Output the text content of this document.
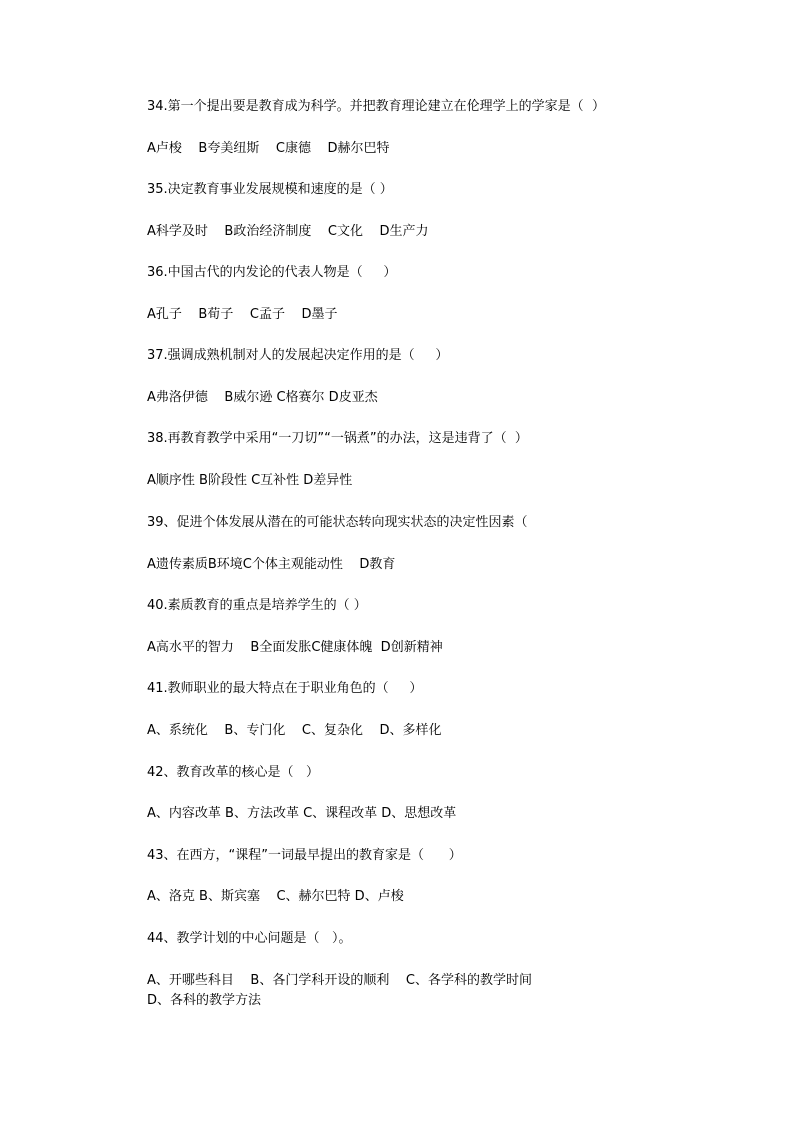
34.第一个提出要是教育成为科学。并把教育理论建立在伦理学上的学家是（  ）
A卢梭    B夸美纽斯    C康德    D赫尔巴特
35.决定教育事业发展规模和速度的是（ ）
A科学及时    B政治经济制度    C文化    D生产力
36.中国古代的内发论的代表人物是（     ）
A孔子    B荀子    C孟子    D墨子
37.强调成熟机制对人的发展起决定作用的是（     ）
A弗洛伊德    B威尔逊 C格赛尔 D皮亚杰
38.再教育教学中采用“一刀切”“一锅煮”的办法，这是违背了（  ）
A顺序性 B阶段性 C互补性 D差异性
39、促进个体发展从潜在的可能状态转向现实状态的决定性因素（
A遗传素质B环境C个体主观能动性    D教育
40.素质教育的重点是培养学生的（ ）
A高水平的智力    B全面发胀C健康体魄  D创新精神
41.教师职业的最大特点在于职业角色的（     ）
A、系统化    B、专门化    C、复杂化    D、多样化
42、教育改革的核心是（   ）
A、内容改革 B、方法改革 C、课程改革 D、思想改革
43、在西方，“课程”一词最早提出的教育家是（      ）
A、洛克 B、斯宾塞    C、赫尔巴特 D、卢梭
44、教学计划的中心问题是（   ）。
A、开哪些科目    B、各门学科开设的顺利    C、各学科的教学时间
D、各科的教学方法
